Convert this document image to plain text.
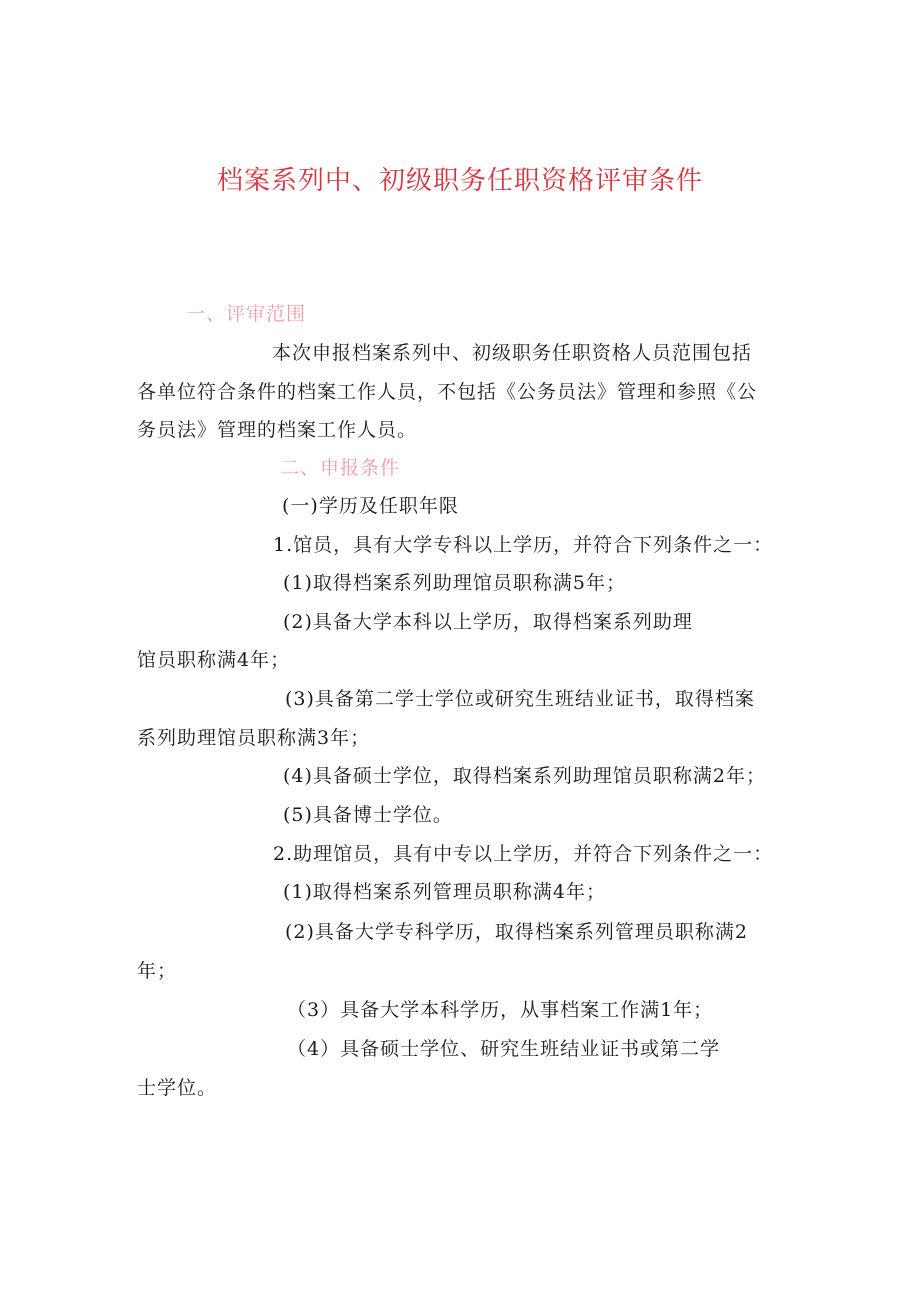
档案系列中、初级职务任职资格评审条件
一、评审范围
本次申报档案系列中、初级职务任职资格人员范围包括
各单位符合条件的档案工作人员，不包括《公务员法》管理和参照《公
务员法》管理的档案工作人员。
二、申报条件
(一)学历及任职年限
1.馆员，具有大学专科以上学历，并符合下列条件之一：
(1)取得档案系列助理馆员职称满5年；
(2)具备大学本科以上学历，取得档案系列助理
馆员职称满4年；
(3)具备第二学士学位或研究生班结业证书，取得档案
系列助理馆员职称满3年；
(4)具备硕士学位，取得档案系列助理馆员职称满2年；
(5)具备博士学位。
2.助理馆员，具有中专以上学历，并符合下列条件之一：
(1)取得档案系列管理员职称满4年；
(2)具备大学专科学历，取得档案系列管理员职称满2
年；
（3）具备大学本科学历，从事档案工作满1年；
（4）具备硕士学位、研究生班结业证书或第二学
士学位。
